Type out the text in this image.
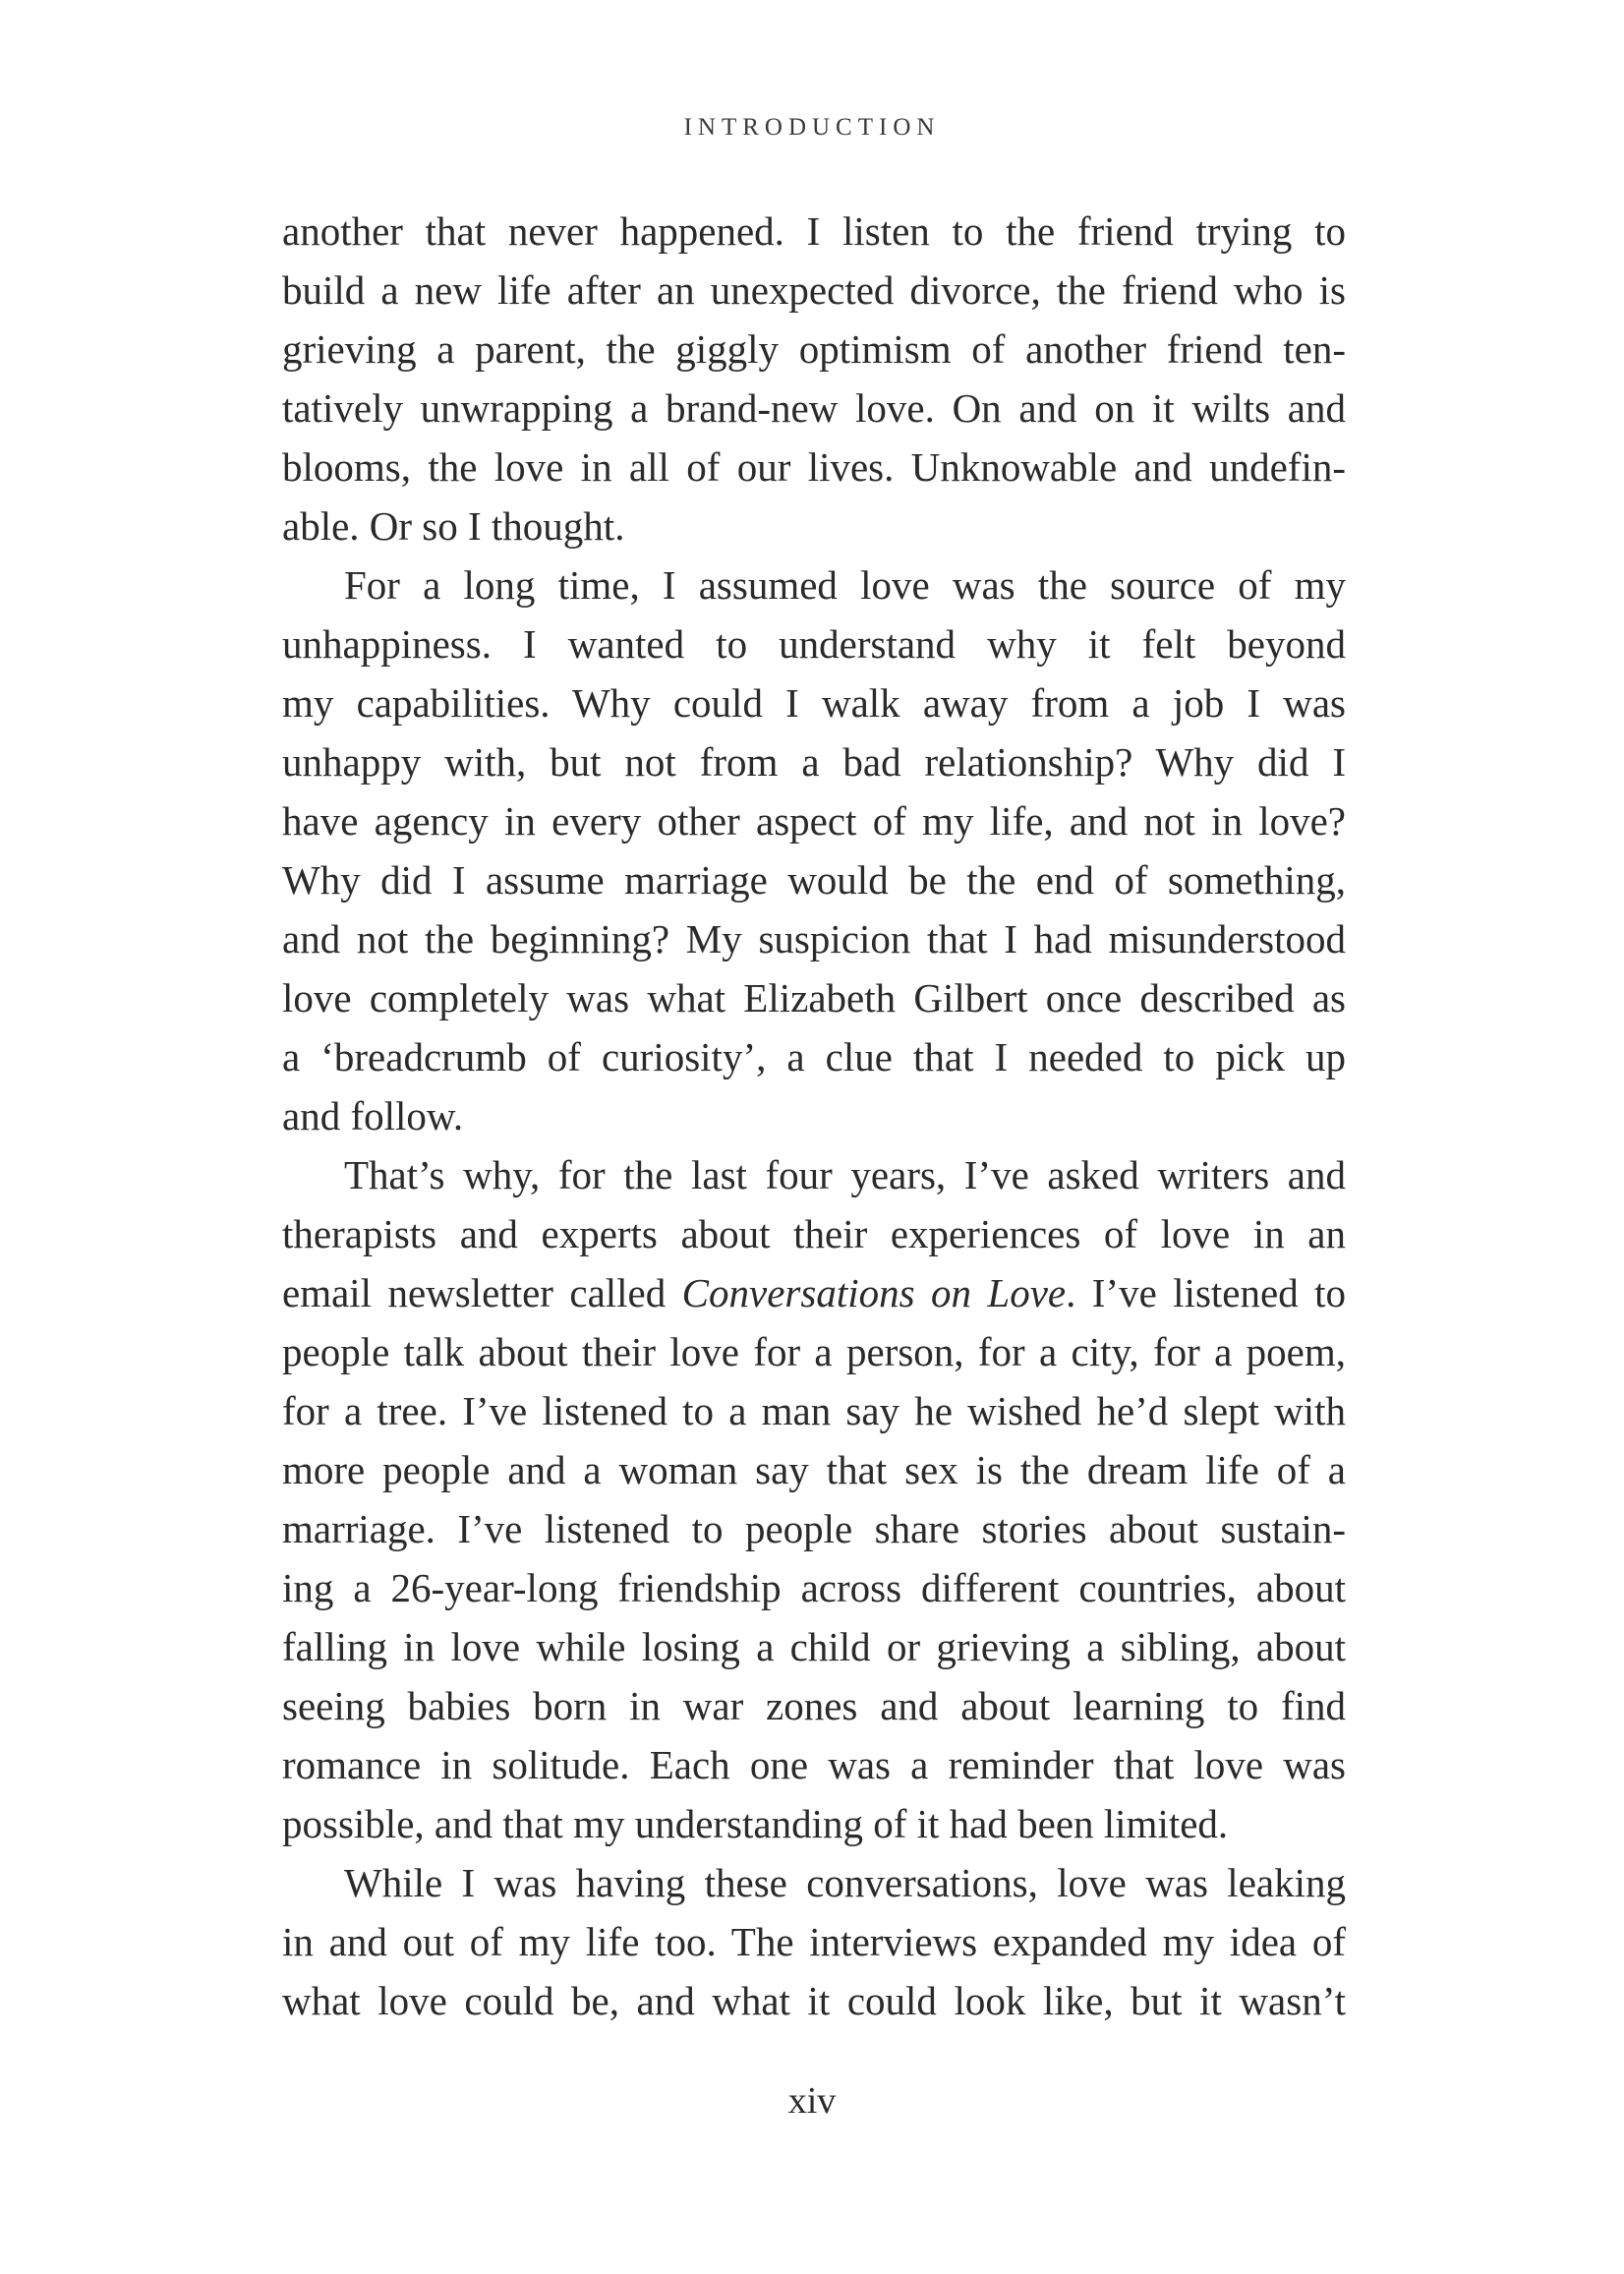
INTRODUCTION
another that never happened. I listen to the friend trying to
build a new life after an unexpected divorce, the friend who is
grieving a parent, the giggly optimism of another friend ten-
tatively unwrapping a brand-new love. On and on it wilts and
blooms, the love in all of our lives. Unknowable and undefin-
able. Or so I thought.
For a long time, I assumed love was the source of my
unhappiness. I wanted to understand why it felt beyond
my capabilities. Why could I walk away from a job I was
unhappy with, but not from a bad relationship? Why did I
have agency in every other aspect of my life, and not in love?
Why did I assume marriage would be the end of something,
and not the beginning? My suspicion that I had misunderstood
love completely was what Elizabeth Gilbert once described as
a ‘breadcrumb of curiosity’, a clue that I needed to pick up
and follow.
That’s why, for the last four years, I’ve asked writers and
therapists and experts about their experiences of love in an
email newsletter called Conversations on Love. I’ve listened to
people talk about their love for a person, for a city, for a poem,
for a tree. I’ve listened to a man say he wished he’d slept with
more people and a woman say that sex is the dream life of a
marriage. I’ve listened to people share stories about sustain-
ing a 26-year-long friendship across different countries, about
falling in love while losing a child or grieving a sibling, about
seeing babies born in war zones and about learning to find
romance in solitude. Each one was a reminder that love was
possible, and that my understanding of it had been limited.
While I was having these conversations, love was leaking
in and out of my life too. The interviews expanded my idea of
what love could be, and what it could look like, but it wasn’t
xiv
